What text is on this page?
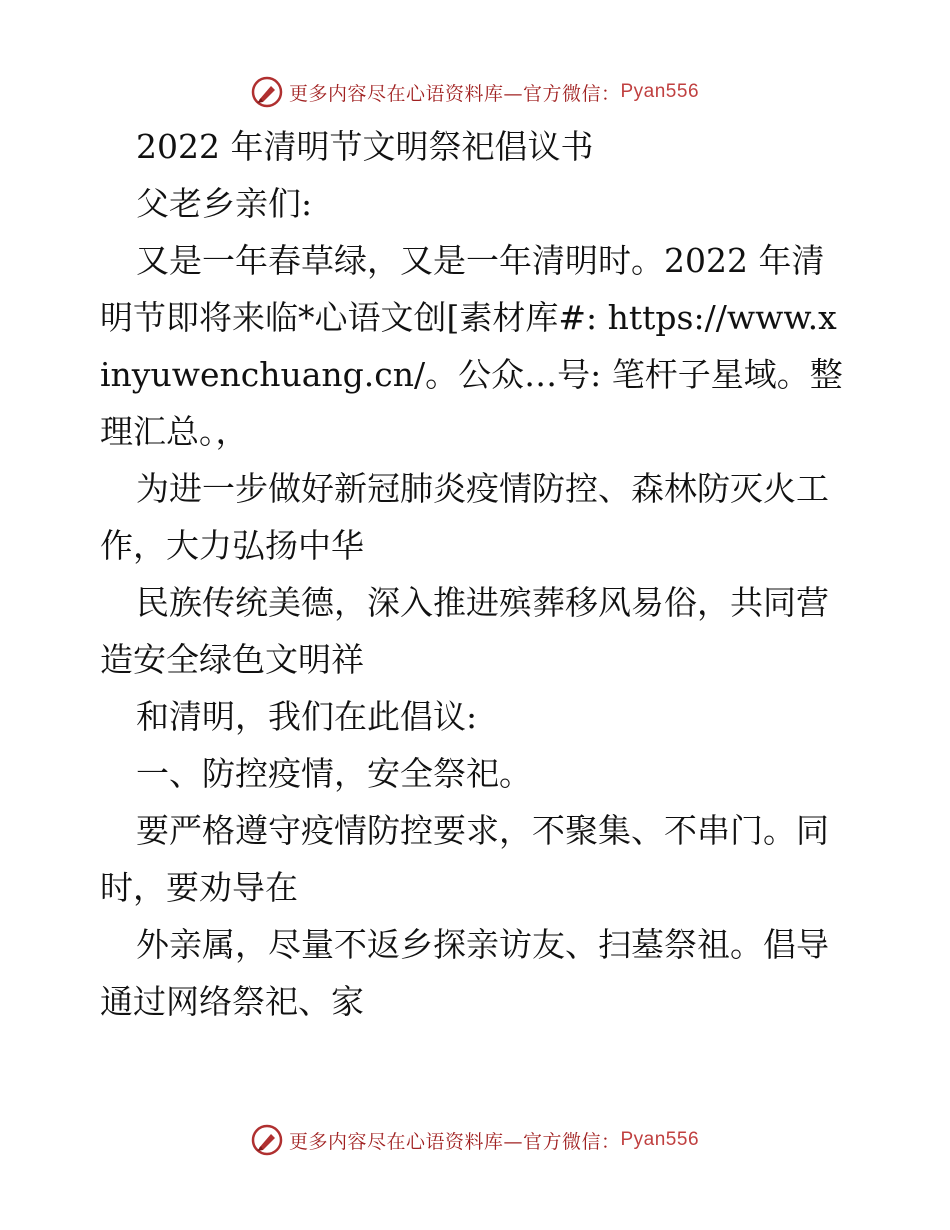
更多内容尽在心语资料库—官方微信： Pyan556

2022 年清明节文明祭祀倡议书

父老乡亲们:

又是一年春草绿，又是一年清明时。2022 年清

明节即将来临*心语文创[素材库#: https://www.x

inyuwenchuang.cn/。公众…号: 笔杆子星域。整

理汇总。，

为进一步做好新冠肺炎疫情防控、森林防灭火工

作，大力弘扬中华

民族传统美德，深入推进殡葬移风易俗，共同营

造安全绿色文明祥

和清明，我们在此倡议:

一、防控疫情，安全祭祀。

要严格遵守疫情防控要求，不聚集、不串门。同

时，要劝导在

外亲属，尽量不返乡探亲访友、扫墓祭祖。倡导

通过网络祭祀、家

更多内容尽在心语资料库—官方微信： Pyan556
